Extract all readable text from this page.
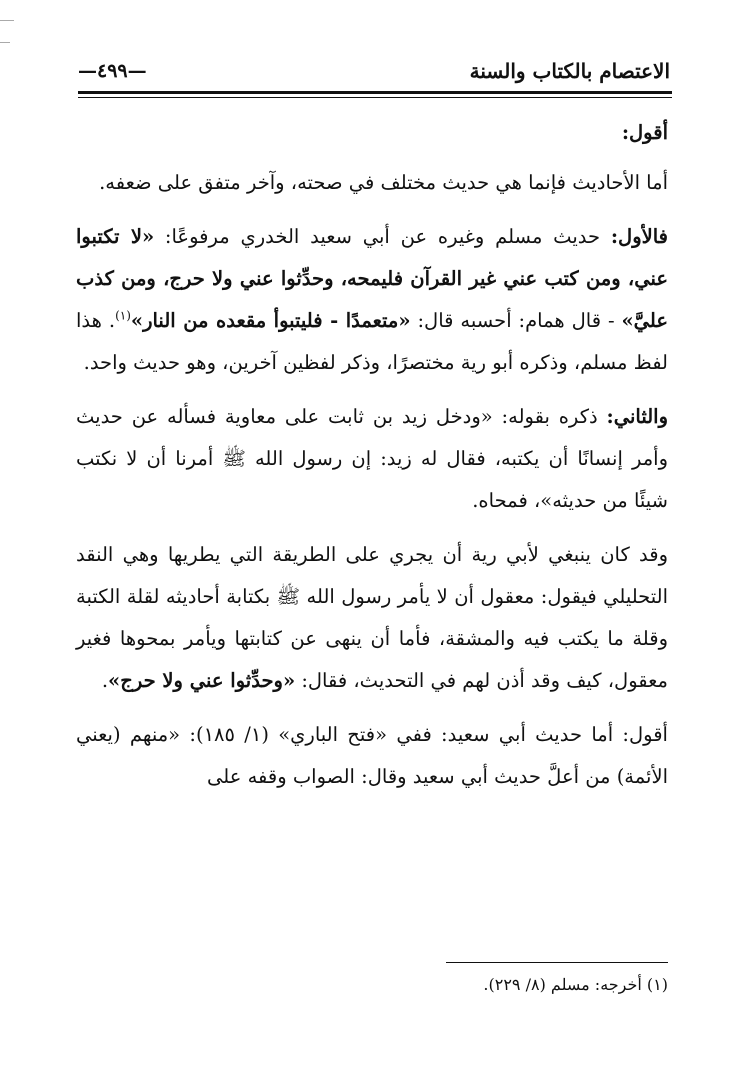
الاعتصام بالكتاب والسنة
—٤٩٩—

أقول:

أما الأحاديث فإنما هي حديث مختلف في صحته، وآخر متفق على ضعفه.

فالأول: حديث مسلم وغيره عن أبي سعيد الخدري مرفوعًا: «لا تكتبوا عني، ومن كتب عني غير القرآن فليمحه، وحدِّثوا عني ولا حرج، ومن كذب عليَّ» - قال همام: أحسبه قال: «متعمدًا - فليتبوأ مقعده من النار»$^{(١)}$. هذا لفظ مسلم، وذكره أبو رية مختصرًا، وذكر لفظين آخرين، وهو حديث واحد.

والثاني: ذكره بقوله: «ودخل زيد بن ثابت على معاوية فسأله عن حديث وأمر إنسانًا أن يكتبه، فقال له زيد: إن رسول الله ﷺ أمرنا أن لا نكتب شيئًا من حديثه»، فمحاه.

وقد كان ينبغي لأبي رية أن يجري على الطريقة التي يطريها وهي النقد التحليلي فيقول: معقول أن لا يأمر رسول الله ﷺ بكتابة أحاديثه لقلة الكتبة وقلة ما يكتب فيه والمشقة، فأما أن ينهى عن كتابتها ويأمر بمحوها فغير معقول، كيف وقد أذن لهم في التحديث، فقال: «وحدِّثوا عني ولا حرج».

أقول: أما حديث أبي سعيد: ففي «فتح الباري» (١/ ١٨٥): «منهم (يعني الأئمة) من أعلَّ حديث أبي سعيد وقال: الصواب وقفه على

(١) أخرجه: مسلم (٨/ ٢٢٩).
